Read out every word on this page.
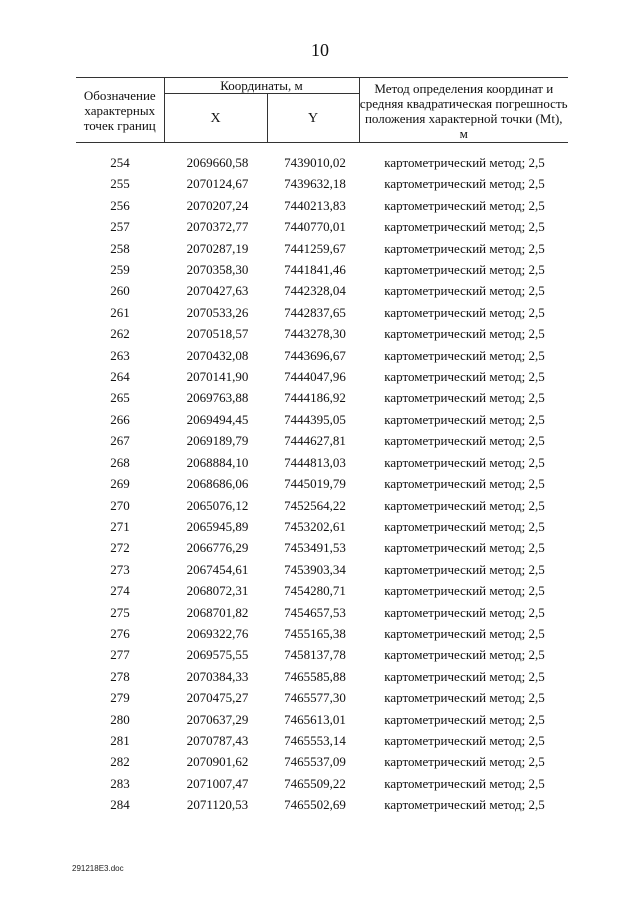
10
Обозначение характерных точек границ	Координаты, м		Метод определения координат и средняя квадратическая погрешность положения характерной точки (Mt), м

	X	Y	

254	2069660,58	7439010,02	картометрический метод; 2,5
255	2070124,67	7439632,18	картометрический метод; 2,5
256	2070207,24	7440213,83	картометрический метод; 2,5
257	2070372,77	7440770,01	картометрический метод; 2,5
258	2070287,19	7441259,67	картометрический метод; 2,5
259	2070358,30	7441841,46	картометрический метод; 2,5
260	2070427,63	7442328,04	картометрический метод; 2,5
261	2070533,26	7442837,65	картометрический метод; 2,5
262	2070518,57	7443278,30	картометрический метод; 2,5
263	2070432,08	7443696,67	картометрический метод; 2,5
264	2070141,90	7444047,96	картометрический метод; 2,5
265	2069763,88	7444186,92	картометрический метод; 2,5
266	2069494,45	7444395,05	картометрический метод; 2,5
267	2069189,79	7444627,81	картометрический метод; 2,5
268	2068884,10	7444813,03	картометрический метод; 2,5
269	2068686,06	7445019,79	картометрический метод; 2,5
270	2065076,12	7452564,22	картометрический метод; 2,5
271	2065945,89	7453202,61	картометрический метод; 2,5
272	2066776,29	7453491,53	картометрический метод; 2,5
273	2067454,61	7453903,34	картометрический метод; 2,5
274	2068072,31	7454280,71	картометрический метод; 2,5
275	2068701,82	7454657,53	картометрический метод; 2,5
276	2069322,76	7455165,38	картометрический метод; 2,5
277	2069575,55	7458137,78	картометрический метод; 2,5
278	2070384,33	7465585,88	картометрический метод; 2,5
279	2070475,27	7465577,30	картометрический метод; 2,5
280	2070637,29	7465613,01	картометрический метод; 2,5
281	2070787,43	7465553,14	картометрический метод; 2,5
282	2070901,62	7465537,09	картометрический метод; 2,5
283	2071007,47	7465509,22	картометрический метод; 2,5
284	2071120,53	7465502,69	картометрический метод; 2,5
291218E3.doc
